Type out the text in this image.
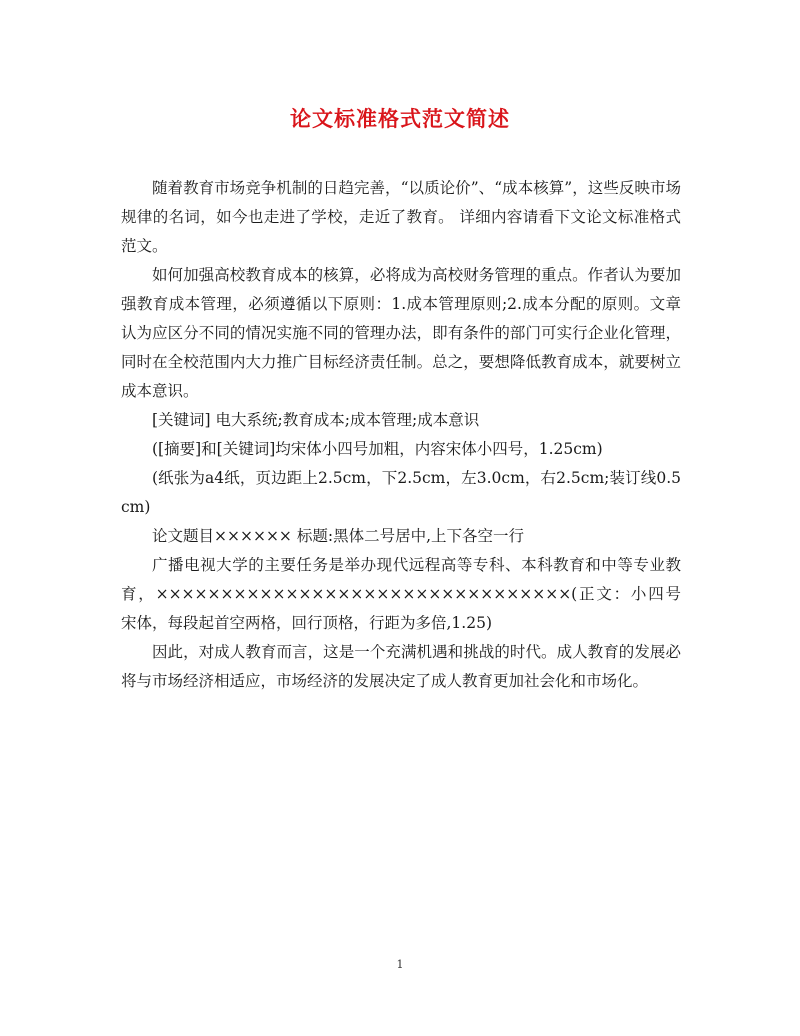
论文标准格式范文简述

随着教育市场竞争机制的日趋完善，“以质论价”、“成本核算”，这些反映市场规律的名词，如今也走进了学校，走近了教育。 详细内容请看下文论文标准格式范文。

如何加强高校教育成本的核算，必将成为高校财务管理的重点。作者认为要加强教育成本管理，必须遵循以下原则：1.成本管理原则;2.成本分配的原则。文章认为应区分不同的情况实施不同的管理办法，即有条件的部门可实行企业化管理，同时在全校范围内大力推广目标经济责任制。总之，要想降低教育成本，就要树立成本意识。

[关键词] 电大系统;教育成本;成本管理;成本意识

([摘要]和[关键词]均宋体小四号加粗，内容宋体小四号，1.25cm)

(纸张为a4纸，页边距上2.5cm，下2.5cm，左3.0cm，右2.5cm;装订线0.5cm)

论文题目×××××× 标题:黑体二号居中,上下各空一行

广播电视大学的主要任务是举办现代远程高等专科、本科教育和中等专业教育，××××××××××××××××××××××××××××××××(正文：小四号宋体，每段起首空两格，回行顶格，行距为多倍,1.25)

因此，对成人教育而言，这是一个充满机遇和挑战的时代。成人教育的发展必将与市场经济相适应，市场经济的发展决定了成人教育更加社会化和市场化。

1
